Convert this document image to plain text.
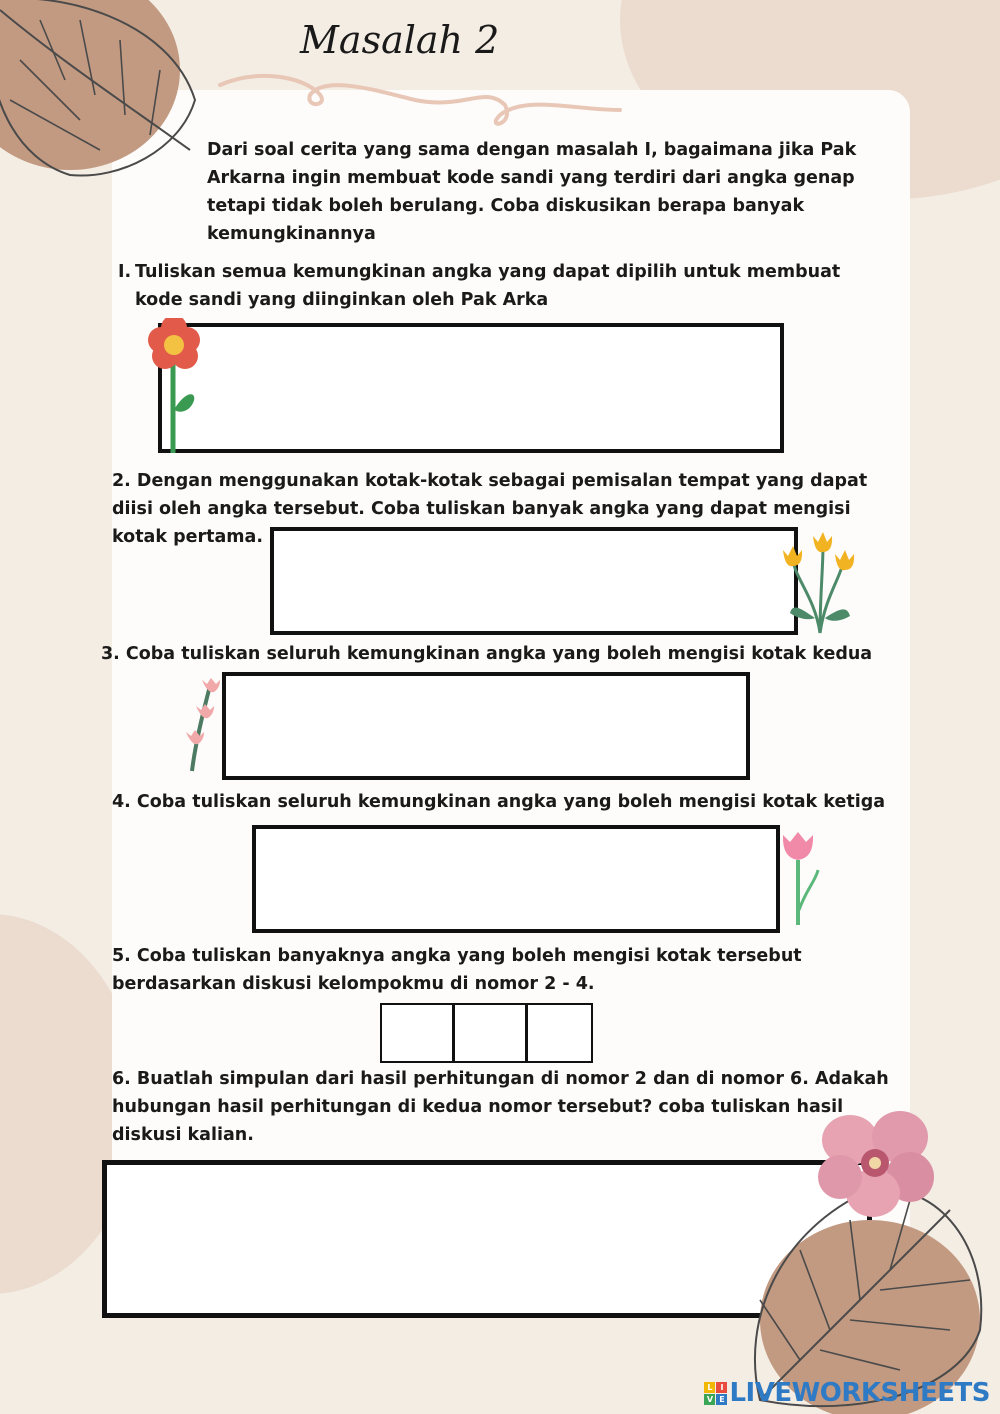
Masalah 2

Dari soal cerita yang sama dengan masalah I, bagaimana jika Pak Arkarna ingin membuat kode sandi yang terdiri dari angka genap tetapi tidak boleh berulang. Coba diskusikan berapa banyak kemungkinannya

I. Tuliskan semua kemungkinan angka yang dapat dipilih untuk membuat kode sandi yang diinginkan oleh Pak Arka

2. Dengan menggunakan kotak-kotak sebagai pemisalan tempat yang dapat diisi oleh angka tersebut. Coba tuliskan banyak angka yang dapat mengisi kotak pertama.

3. Coba tuliskan seluruh kemungkinan angka yang boleh mengisi kotak kedua

4. Coba tuliskan seluruh kemungkinan angka yang boleh mengisi kotak ketiga

5. Coba tuliskan banyaknya angka yang boleh mengisi kotak tersebut berdasarkan diskusi kelompokmu di nomor 2 - 4.

6. Buatlah simpulan dari hasil perhitungan di nomor 2 dan di nomor 6. Adakah hubungan hasil perhitungan di kedua nomor tersebut? coba tuliskan hasil diskusi kalian.

L I
V E LIVEWORKSHEETS
